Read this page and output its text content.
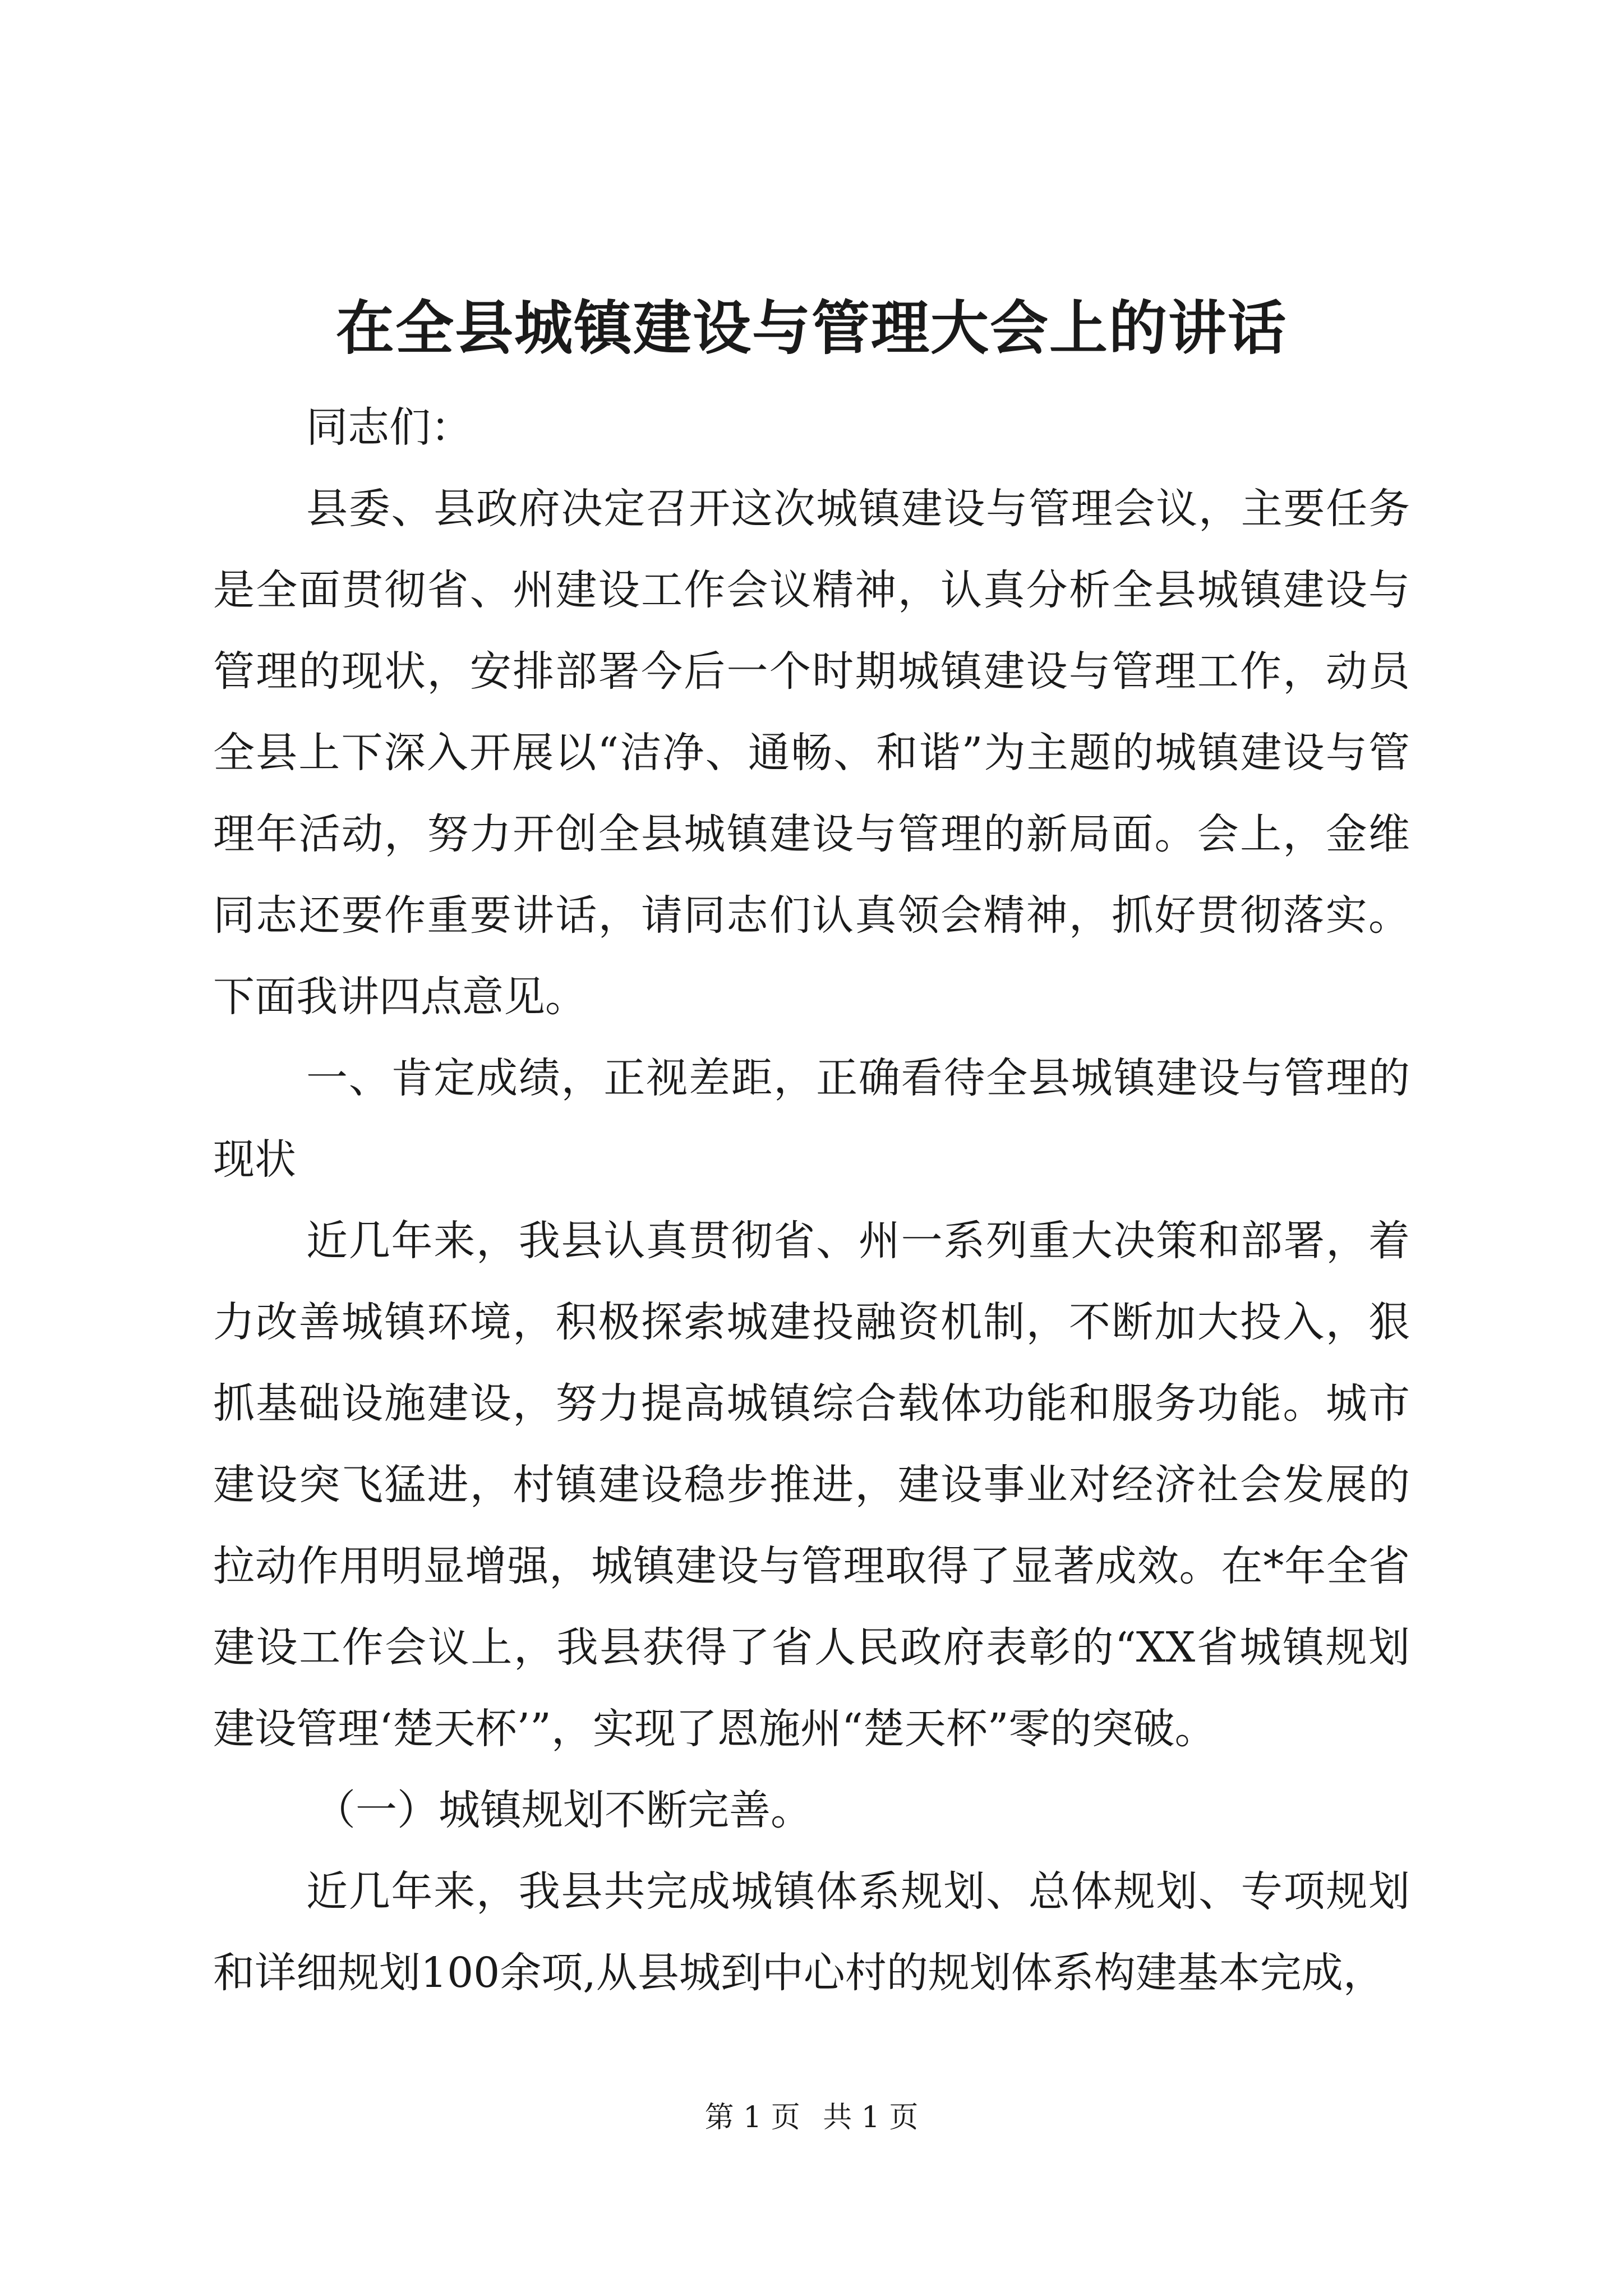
在全县城镇建设与管理大会上的讲话

同志们：

县委、县政府决定召开这次城镇建设与管理会议，主要任务是全面贯彻省、州建设工作会议精神，认真分析全县城镇建设与管理的现状，安排部署今后一个时期城镇建设与管理工作，动员全县上下深入开展以“洁净、通畅、和谐”为主题的城镇建设与管理年活动，努力开创全县城镇建设与管理的新局面。会上，金维同志还要作重要讲话，请同志们认真领会精神，抓好贯彻落实。下面我讲四点意见。

一、肯定成绩，正视差距，正确看待全县城镇建设与管理的现状

近几年来，我县认真贯彻省、州一系列重大决策和部署，着力改善城镇环境，积极探索城建投融资机制，不断加大投入，狠抓基础设施建设，努力提高城镇综合载体功能和服务功能。城市建设突飞猛进，村镇建设稳步推进，建设事业对经济社会发展的拉动作用明显增强，城镇建设与管理取得了显著成效。在*年全省建设工作会议上，我县获得了省人民政府表彰的“XX省城镇规划建设管理‘楚天杯’”，实现了恩施州“楚天杯”零的突破。

（一）城镇规划不断完善。

近几年来，我县共完成城镇体系规划、总体规划、专项规划和详细规划100余项,从县城到中心村的规划体系构建基本完成，

第 1 页 共 1 页
